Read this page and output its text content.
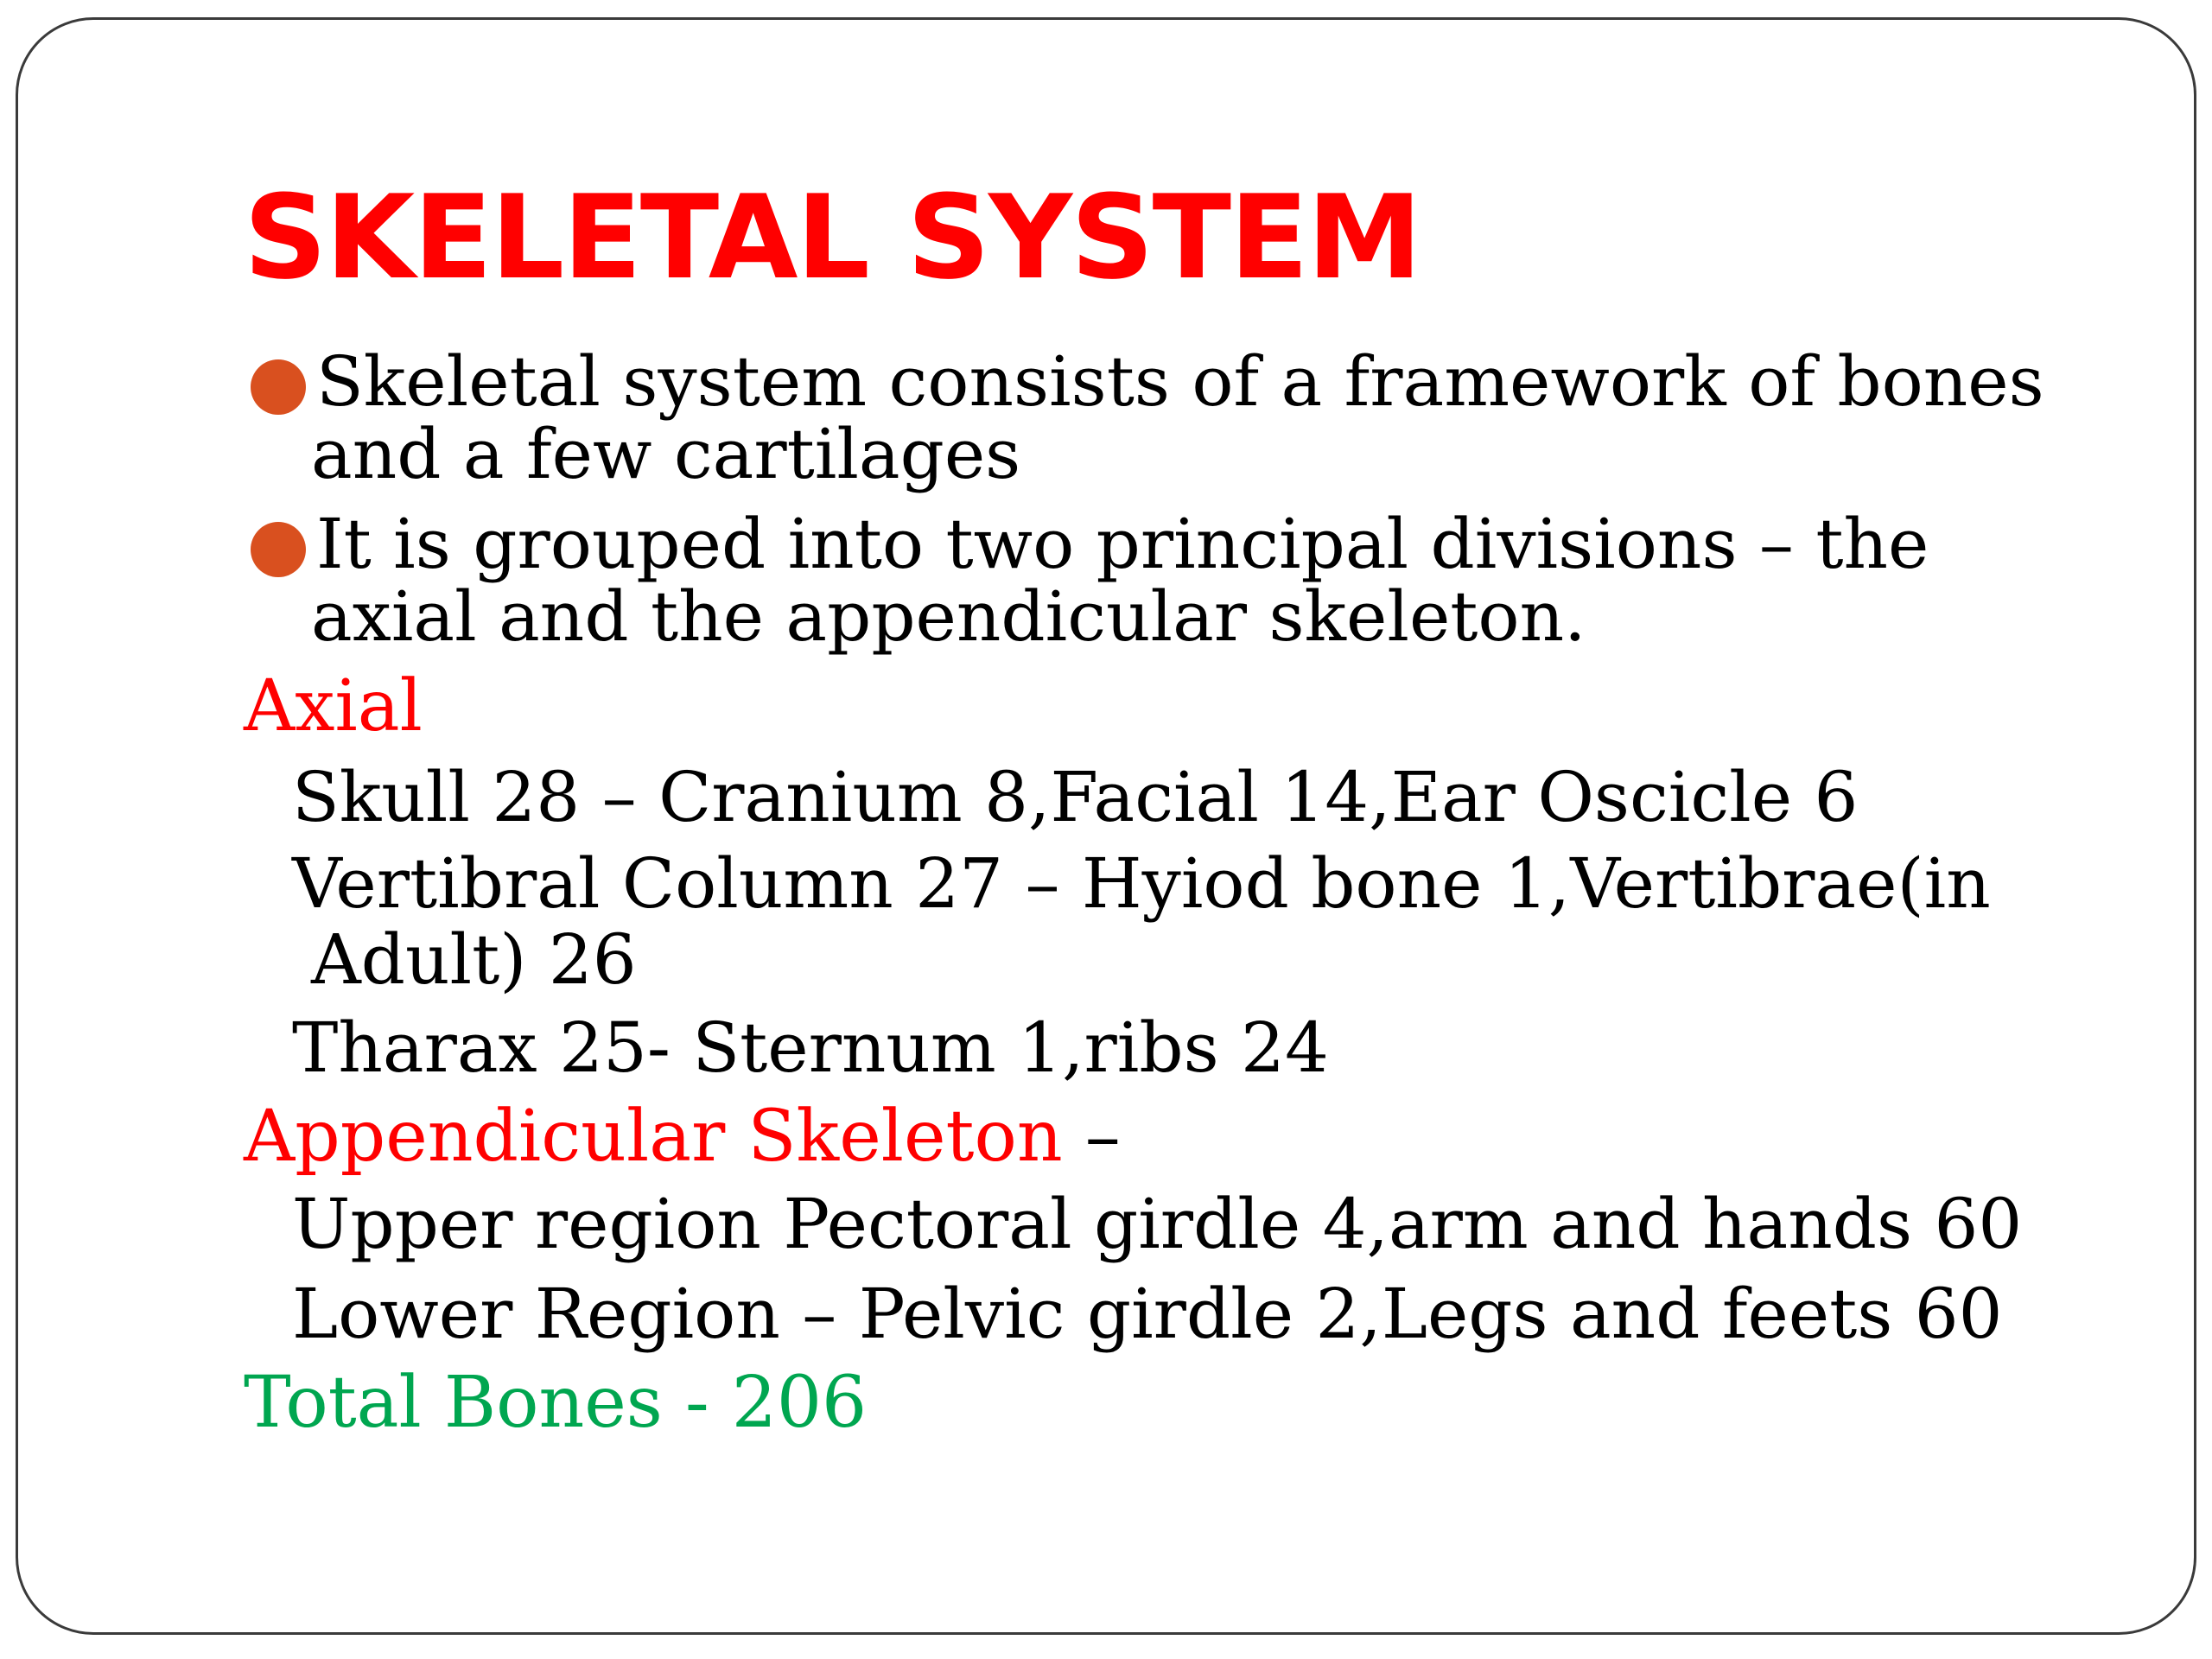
SKELETAL SYSTEM
Skeletal system consists of a framework of bones
and a few cartilages
It is grouped into two principal divisions – the
axial and the appendicular skeleton.
Axial
Skull 28 – Cranium 8,Facial 14,Ear Oscicle 6
Vertibral Column 27 – Hyiod bone 1,Vertibrae(in
Adult) 26
Tharax 25- Sternum 1,ribs 24
Appendicular Skeleton –
Upper region Pectoral girdle 4,arm and hands 60
Lower Region – Pelvic girdle 2,Legs and feets 60
Total Bones - 206
